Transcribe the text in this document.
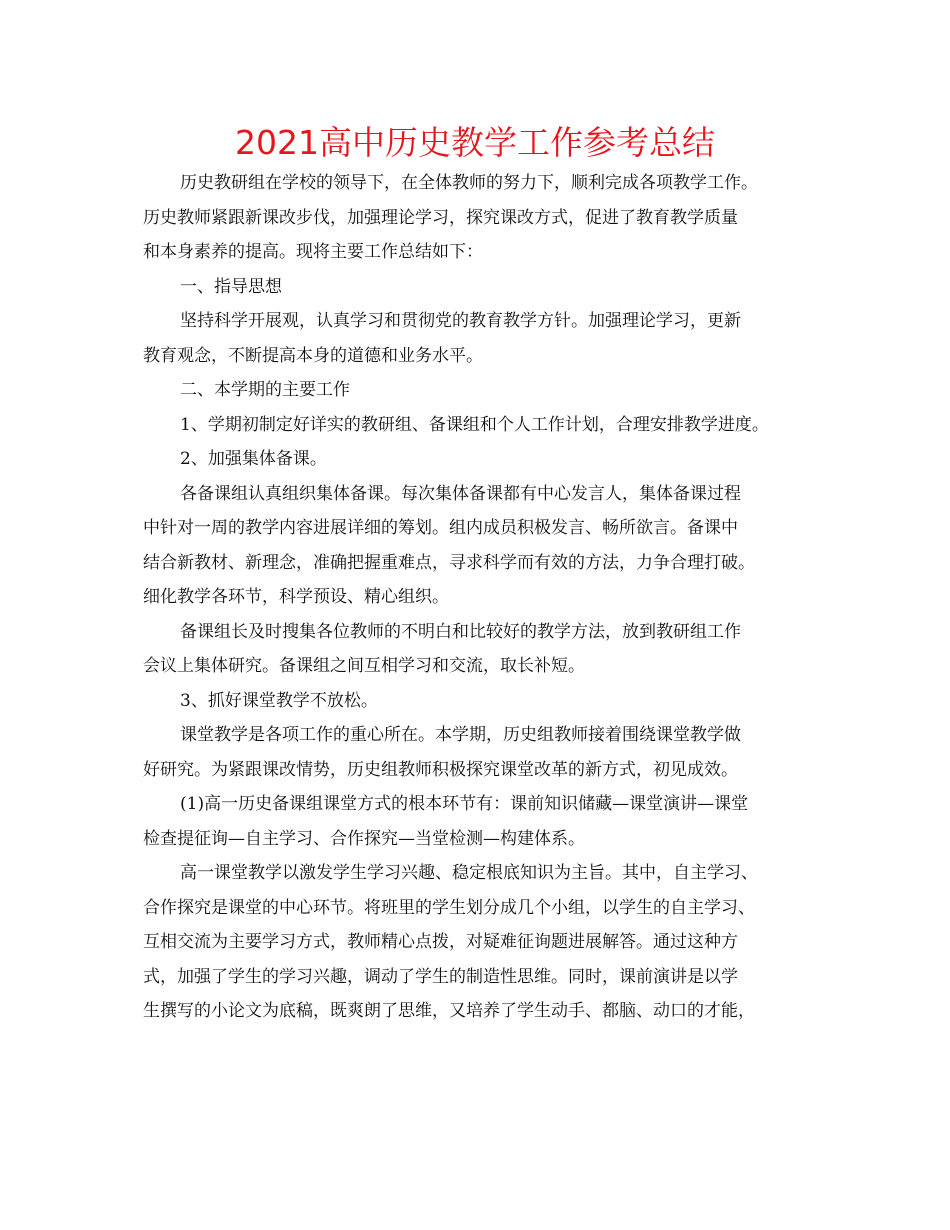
2021高中历史教学工作参考总结
历史教研组在学校的领导下，在全体教师的努力下，顺利完成各项教学工作。
历史教师紧跟新课改步伐，加强理论学习，探究课改方式，促进了教育教学质量
和本身素养的提高。现将主要工作总结如下：
一、指导思想
坚持科学开展观，认真学习和贯彻党的教育教学方针。加强理论学习，更新
教育观念，不断提高本身的道德和业务水平。
二、本学期的主要工作
1、学期初制定好详实的教研组、备课组和个人工作计划，合理安排教学进度。
2、加强集体备课。
各备课组认真组织集体备课。每次集体备课都有中心发言人，集体备课过程
中针对一周的教学内容进展详细的筹划。组内成员积极发言、畅所欲言。备课中
结合新教材、新理念，准确把握重难点，寻求科学而有效的方法，力争合理打破。
细化教学各环节，科学预设、精心组织。
备课组长及时搜集各位教师的不明白和比较好的教学方法，放到教研组工作
会议上集体研究。备课组之间互相学习和交流，取长补短。
3、抓好课堂教学不放松。
课堂教学是各项工作的重心所在。本学期，历史组教师接着围绕课堂教学做
好研究。为紧跟课改情势，历史组教师积极探究课堂改革的新方式，初见成效。
(1)高一历史备课组课堂方式的根本环节有：课前知识储藏—课堂演讲—课堂
检查提征询—自主学习、合作探究—当堂检测—构建体系。
高一课堂教学以激发学生学习兴趣、稳定根底知识为主旨。其中，自主学习、
合作探究是课堂的中心环节。将班里的学生划分成几个小组，以学生的自主学习、
互相交流为主要学习方式，教师精心点拨，对疑难征询题进展解答。通过这种方
式，加强了学生的学习兴趣，调动了学生的制造性思维。同时，课前演讲是以学
生撰写的小论文为底稿，既爽朗了思维，又培养了学生动手、都脑、动口的才能，
